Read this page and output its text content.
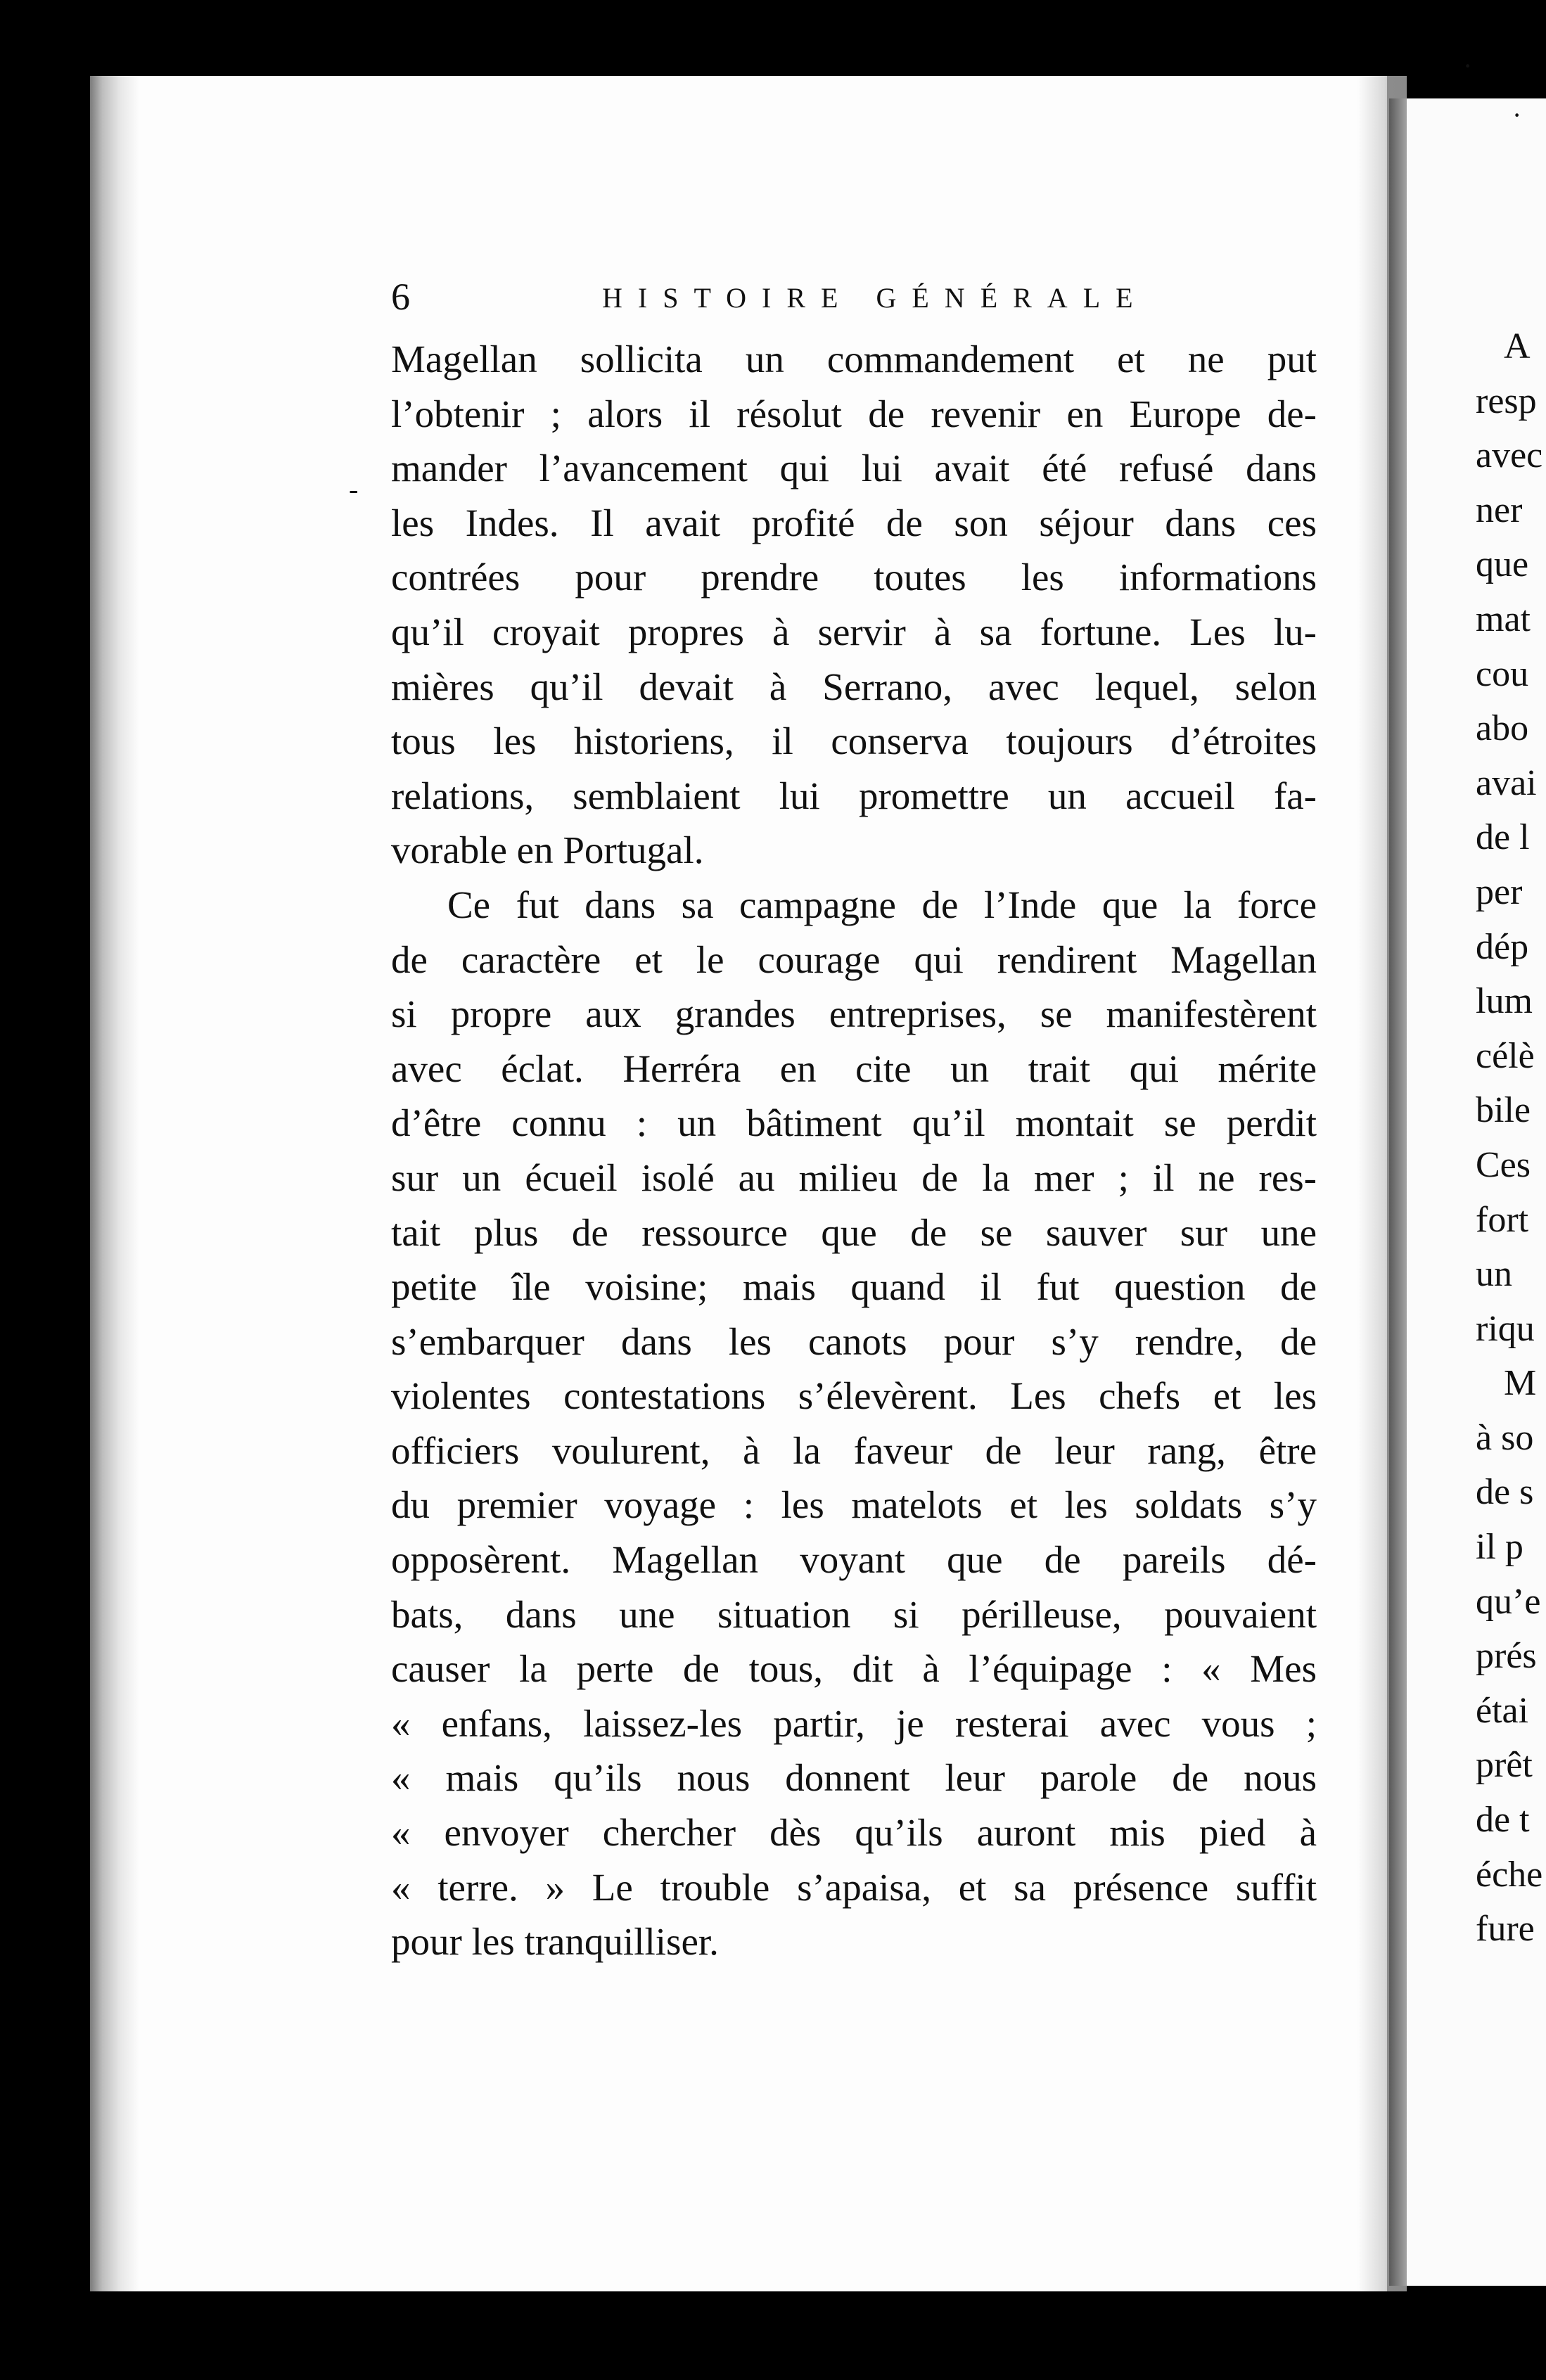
·
·
-
6	HISTOIRE GÉNÉRALE
Magellan sollicita un commandement et ne put
l’obtenir ; alors il résolut de revenir en Europe de-
mander l’avancement qui lui avait été refusé dans
les Indes. Il avait profité de son séjour dans ces
contrées pour prendre toutes les informations
qu’il croyait propres à servir à sa fortune. Les lu-
mières qu’il devait à Serrano, avec lequel, selon
tous les historiens, il conserva toujours d’étroites
relations, semblaient lui promettre un accueil fa-
vorable en Portugal.
Ce fut dans sa campagne de l’Inde que la force
de caractère et le courage qui rendirent Magellan
si propre aux grandes entreprises, se manifestèrent
avec éclat. Herréra en cite un trait qui mérite
d’être connu : un bâtiment qu’il montait se perdit
sur un écueil isolé au milieu de la mer ; il ne res-
tait plus de ressource que de se sauver sur une
petite île voisine; mais quand il fut question de
s’embarquer dans les canots pour s’y rendre, de
violentes contestations s’élevèrent. Les chefs et les
officiers voulurent, à la faveur de leur rang, être
du premier voyage : les matelots et les soldats s’y
opposèrent. Magellan voyant que de pareils dé-
bats, dans une situation si périlleuse, pouvaient
causer la perte de tous, dit à l’équipage : « Mes
« enfans, laissez-les partir, je resterai avec vous ;
« mais qu’ils nous donnent leur parole de nous
« envoyer chercher dès qu’ils auront mis pied à
« terre. » Le trouble s’apaisa, et sa présence suffit
pour les tranquilliser.
A
resp
avec
ner
que
mat
cou
abo
avai
de l
per
dép
lum
célè
bile
Ces
fort
un
riqu
M
à so
de s
il p
qu’e
prés
étai
prêt
de t
éche
fure
